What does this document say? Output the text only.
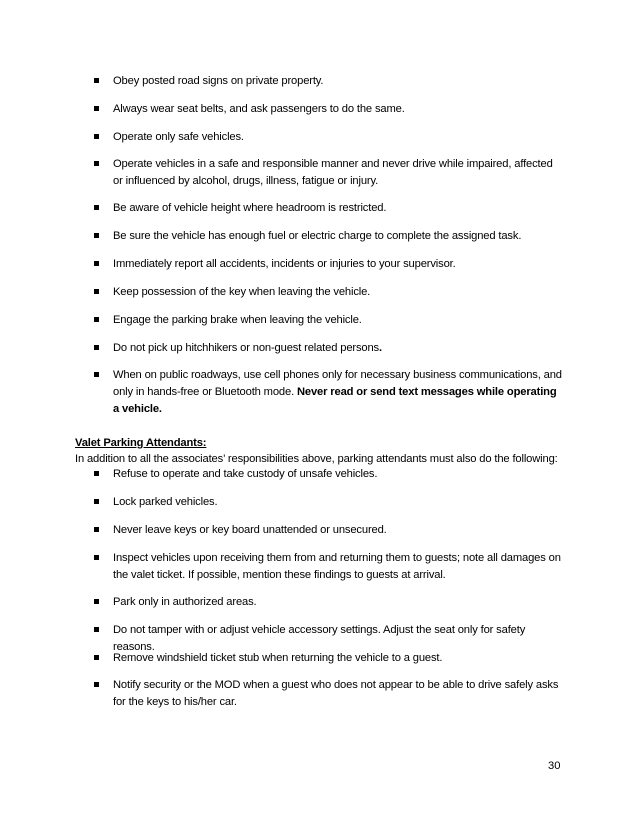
Obey posted road signs on private property.
Always wear seat belts, and ask passengers to do the same.
Operate only safe vehicles.
Operate vehicles in a safe and responsible manner and never drive while impaired, affected or influenced by alcohol, drugs, illness, fatigue or injury.
Be aware of vehicle height where headroom is restricted.
Be sure the vehicle has enough fuel or electric charge to complete the assigned task.
Immediately report all accidents, incidents or injuries to your supervisor.
Keep possession of the key when leaving the vehicle.
Engage the parking brake when leaving the vehicle.
Do not pick up hitchhikers or non-guest related persons.
When on public roadways, use cell phones only for necessary business communications, and only in hands-free or Bluetooth mode. Never read or send text messages while operating a vehicle.
Valet Parking Attendants:
In addition to all the associates’ responsibilities above, parking attendants must also do the following:
Refuse to operate and take custody of unsafe vehicles.
Lock parked vehicles.
Never leave keys or key board unattended or unsecured.
Inspect vehicles upon receiving them from and returning them to guests; note all damages on the valet ticket. If possible, mention these findings to guests at arrival.
Park only in authorized areas.
Do not tamper with or adjust vehicle accessory settings. Adjust the seat only for safety reasons.
Remove windshield ticket stub when returning the vehicle to a guest.
Notify security or the MOD when a guest who does not appear to be able to drive safely asks for the keys to his/her car.
30
